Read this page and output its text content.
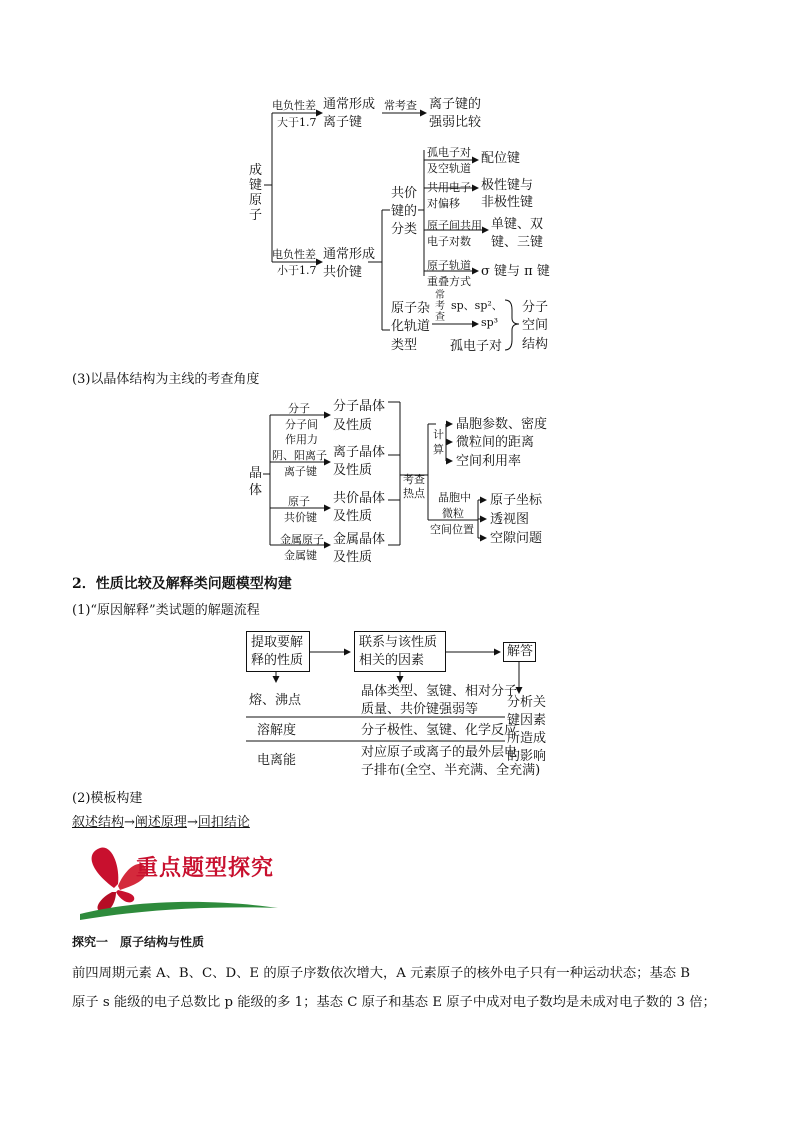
成键原子
电负性差
大于1.7
通常形成
离子键
常考查 离子键的
强弱比较
电负性差
小于1.7
通常形成
共价键
共价
键的
分类
孤电子对
及空轨道
配位键
共用电子
对偏移
极性键与
非极性键
原子间共用
电子对数
单键、双
键、三键
原子轨道
重叠方式
σ 键与 π 键
原子杂
化轨道
类型
常
考
查
sp、sp²、
sp³
孤电子对
分子
空间
结构
(3)以晶体结构为主线的考查角度
晶
体
分子
分子间
作用力
分子晶体
及性质
阴、阳离子
离子键
离子晶体
及性质
原子
共价键
共价晶体
及性质
金属原子
金属键
金属晶体
及性质
考查
热点
计
算
晶胞参数、密度
微粒间的距离
空间利用率
晶胞中
微粒
空间位置
原子坐标
透视图
空隙问题
2．性质比较及解释类问题模型构建
(1)“原因解释”类试题的解题流程
提取要解
释的性质
联系与该性质
相关的因素
解答
熔、沸点
晶体类型、氢键、相对分子
质量、共价键强弱等
溶解度	分子极性、氢键、化学反应
电离能
对应原子或离子的最外层电
子排布(全空、半充满、全充满)
分析关
键因素
所造成
的影响
(2)模板构建
叙述结构→阐述原理→回扣结论
重点题型探究
探究一　原子结构与性质
前四周期元素 A、B、C、D、E 的原子序数依次增大，A 元素原子的核外电子只有一种运动状态；基态 B
原子 s 能级的电子总数比 p 能级的多 1；基态 C 原子和基态 E 原子中成对电子数均是未成对电子数的 3 倍；
